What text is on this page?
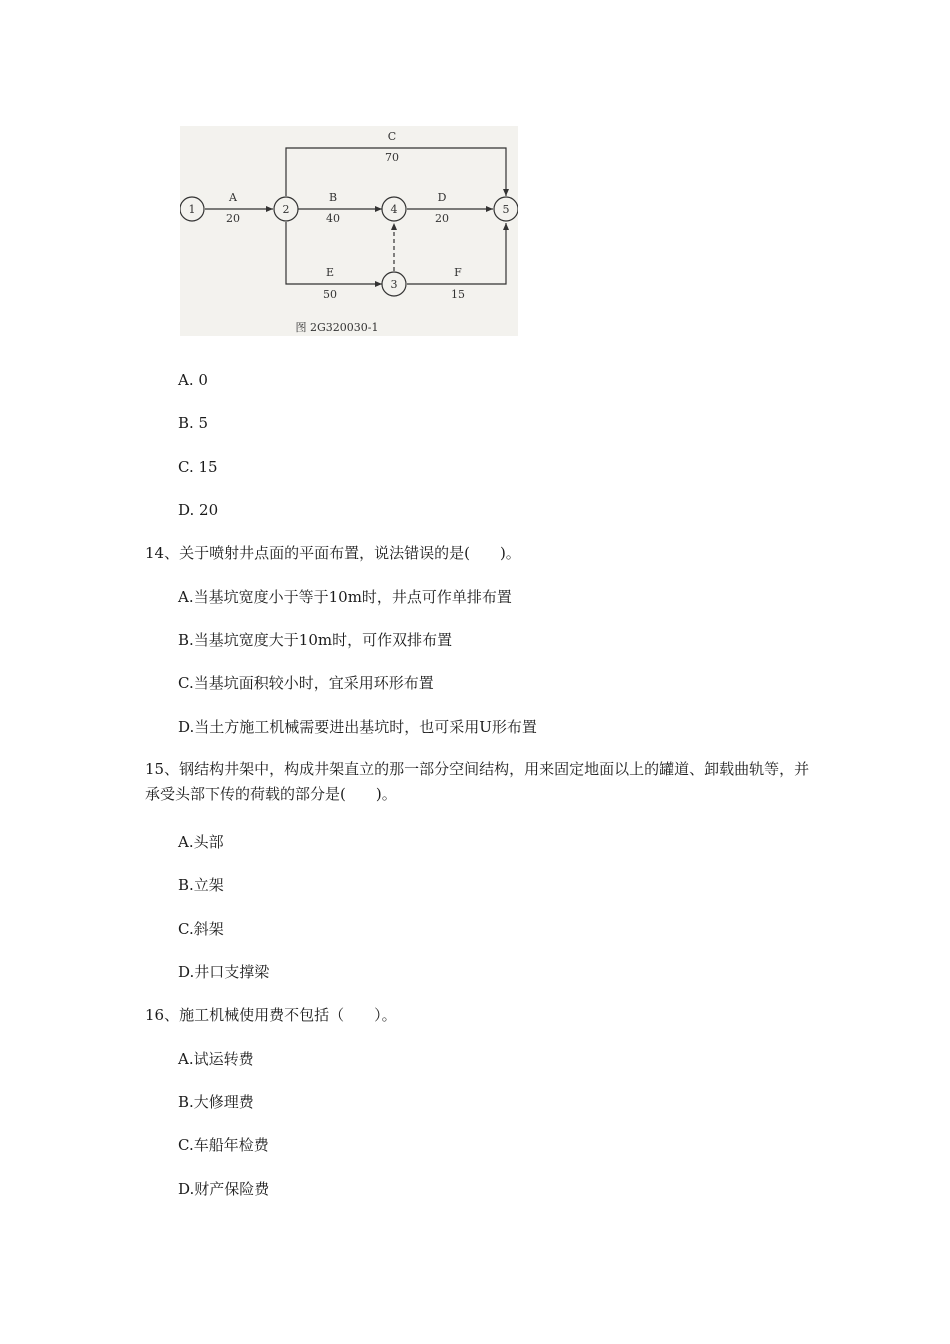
1	2
3
4	5
A
20
B
40
C
70
D
20
E
50
F
15
图 2G320030-1
A. 0
B. 5
C. 15
D. 20
14、关于喷射井点面的平面布置，说法错误的是(　　)。
A.当基坑宽度小于等于10m时，井点可作单排布置
B.当基坑宽度大于10m时，可作双排布置
C.当基坑面积较小时，宜采用环形布置
D.当土方施工机械需要进出基坑时，也可采用U形布置
15、钢结构井架中，构成井架直立的那一部分空间结构，用来固定地面以上的罐道、卸载曲轨等，并承受头部下传的荷载的部分是(　　)。
A.头部
B.立架
C.斜架
D.井口支撑梁
16、施工机械使用费不包括（　　）。
A.试运转费
B.大修理费
C.车船年检费
D.财产保险费
